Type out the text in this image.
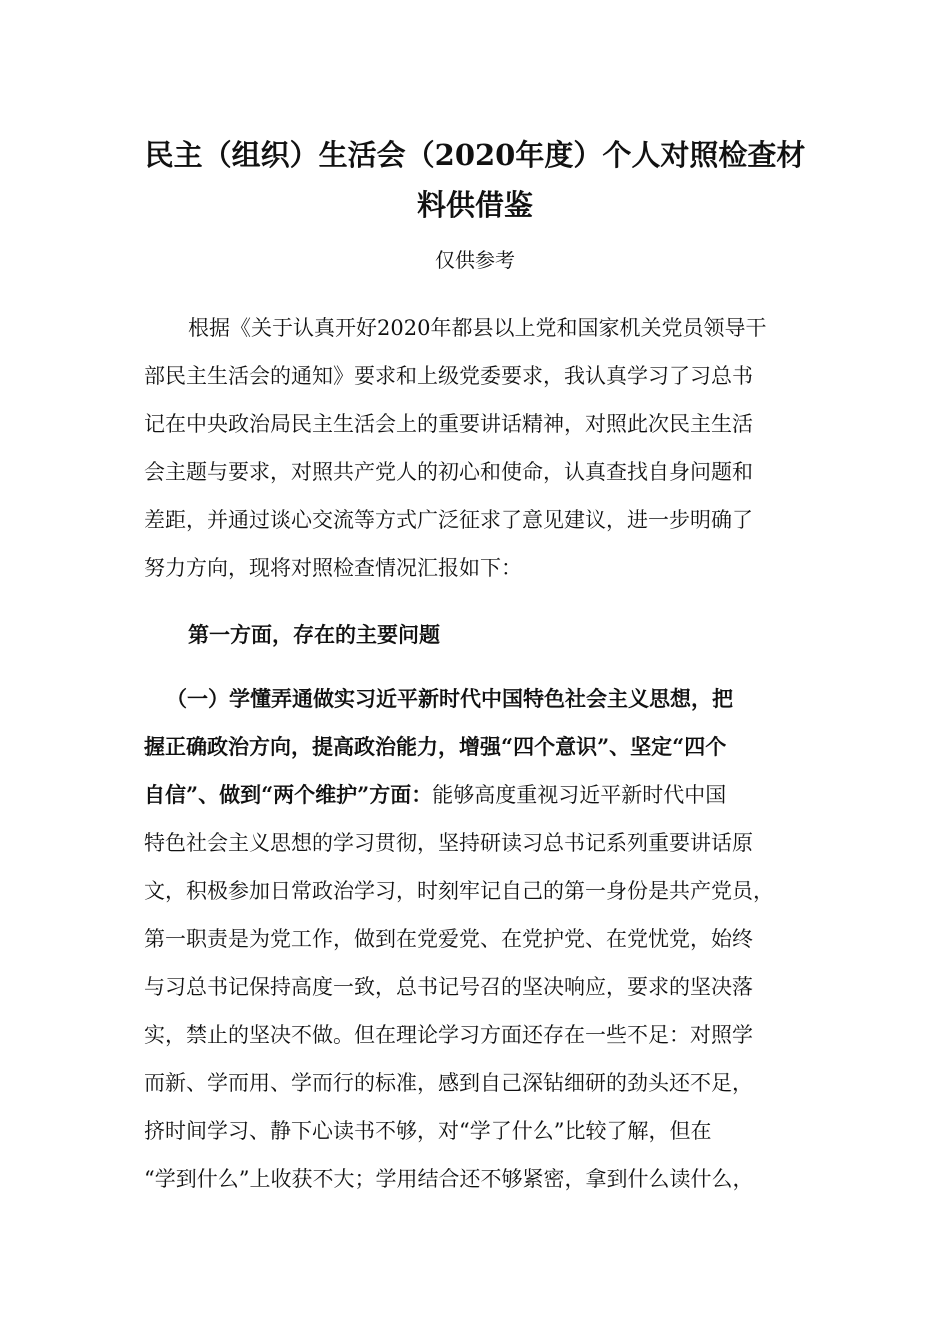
民主（组织）生活会（2020年度）个人对照检查材
料供借鉴

仅供参考

根据《关于认真开好2020年都县以上党和国家机关党员领导干
部民主生活会的通知》要求和上级党委要求，我认真学习了习总书
记在中央政治局民主生活会上的重要讲话精神，对照此次民主生活
会主题与要求，对照共产党人的初心和使命，认真查找自身问题和
差距，并通过谈心交流等方式广泛征求了意见建议，进一步明确了
努力方向，现将对照检查情况汇报如下：
第一方面，存在的主要问题
（一）学懂弄通做实习近平新时代中国特色社会主义思想，把
握正确政治方向，提高政治能力，增强“四个意识”、坚定“四个
自信”、做到“两个维护”方面：能够高度重视习近平新时代中国
特色社会主义思想的学习贯彻，坚持研读习总书记系列重要讲话原
文，积极参加日常政治学习，时刻牢记自己的第一身份是共产党员，
第一职责是为党工作，做到在党爱党、在党护党、在党忧党，始终
与习总书记保持高度一致，总书记号召的坚决响应，要求的坚决落
实，禁止的坚决不做。但在理论学习方面还存在一些不足：对照学
而新、学而用、学而行的标准，感到自己深钻细研的劲头还不足，
挤时间学习、静下心读书不够，对“学了什么”比较了解，但在
“学到什么”上收获不大；学用结合还不够紧密，拿到什么读什么，
